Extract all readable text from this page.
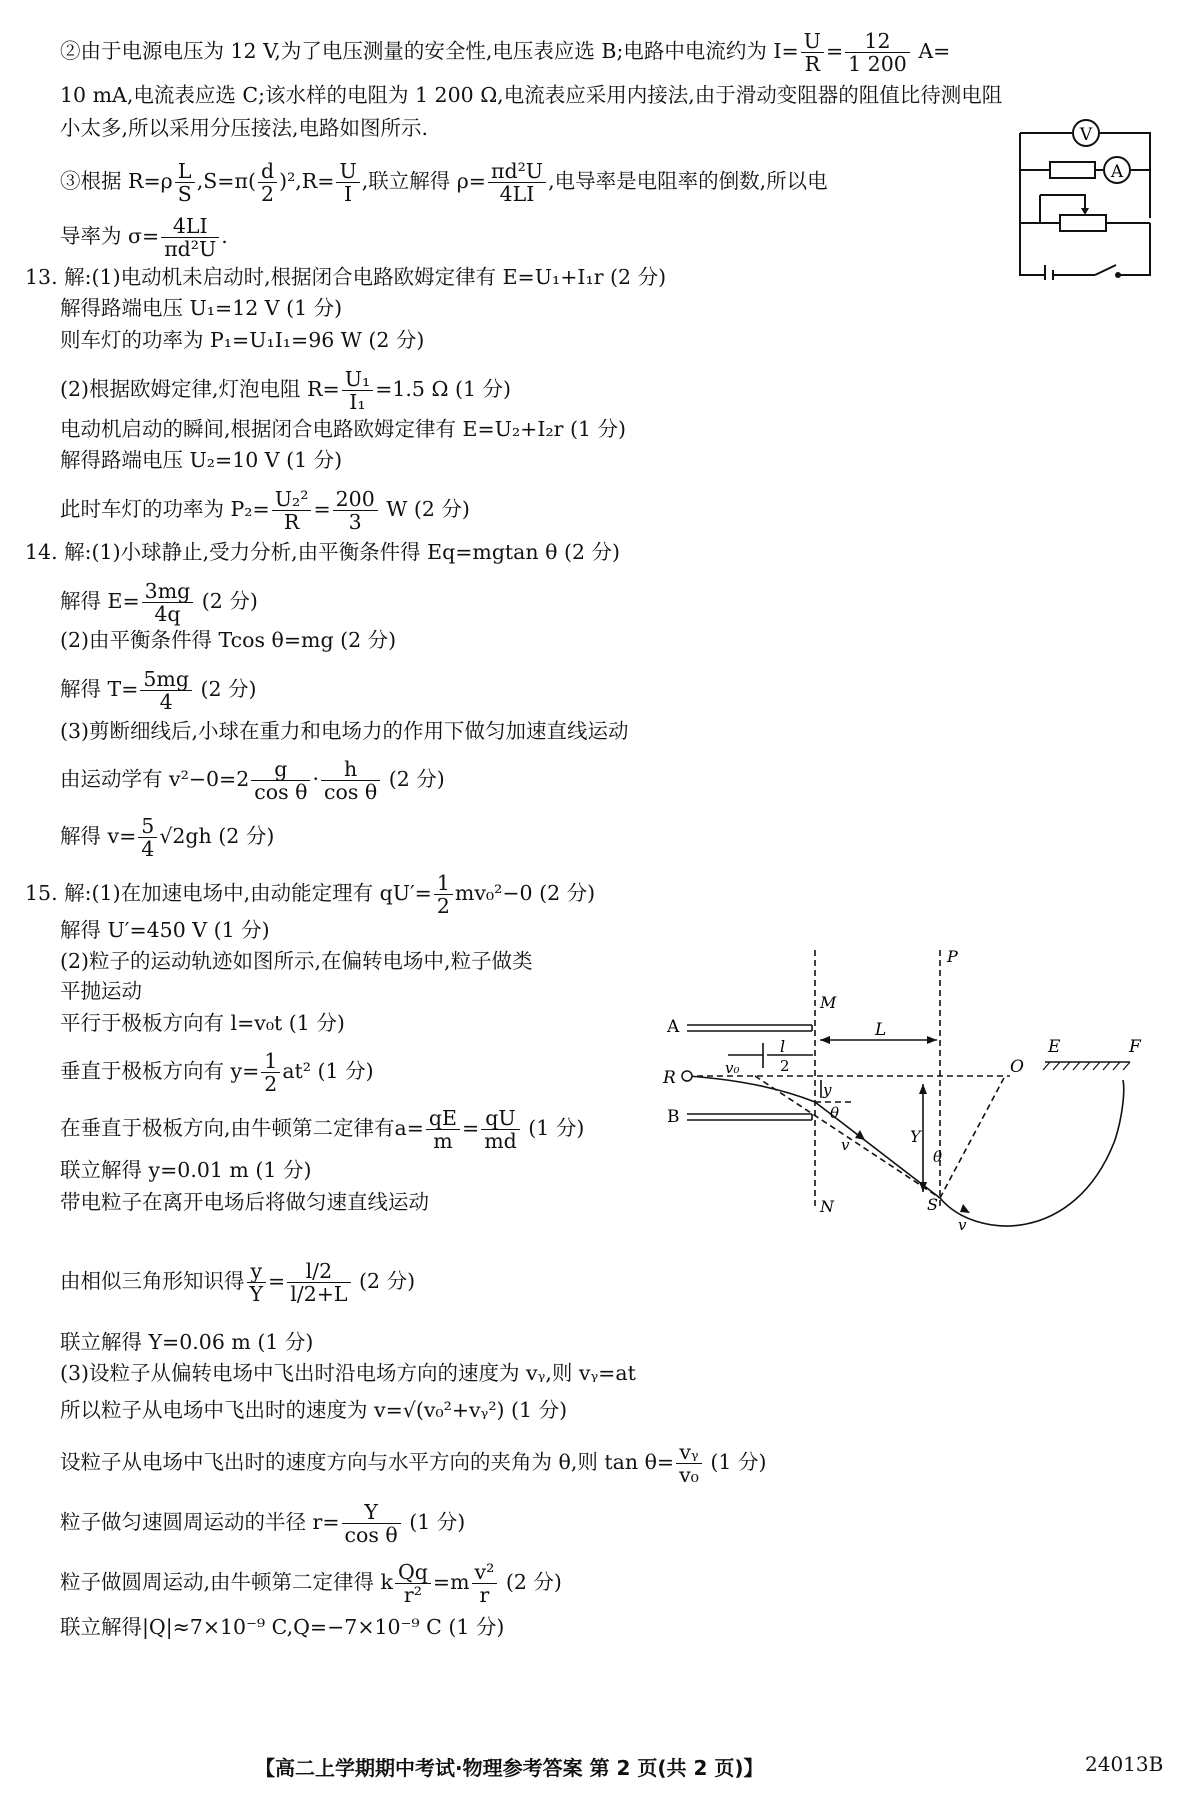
②由于电源电压为 12 V,为了电压测量的安全性,电压表应选 B;电路中电流约为 $I= \frac{U}{R} = \frac{12}{1 200} A=$
10 mA,电流表应选 C;该水样的电阻为 1 200 Ω,电流表应采用内接法,由于滑动变阻器的阻值比待测电阻
小太多,所以采用分压接法,电路如图所示.
③根据 $R=\rho \frac{L}{S} ,S=\pi( \frac{d}{2} )^2,R= \frac{U}{I}$ ,联立解得 $\rho= \frac{\text{πd²U}}{4LI}$ ,电导率是电阻率的倒数,所以电
导率为 $\sigma= \frac{4LI}{\text{πd²U}}$ .
V
A
13. 解:(1)电动机未启动时,根据闭合电路欧姆定律有 E=U₁+I₁r (2 分)
解得路端电压 U₁=12 V (1 分)
则车灯的功率为 P₁=U₁I₁=96 W (2 分)
(2)根据欧姆定律,灯泡电阻 $R= \frac{\text{U₁}}{\text{I₁}} =1.5$ Ω (1 分)
电动机启动的瞬间,根据闭合电路欧姆定律有 E=U₂+I₂r (1 分)
解得路端电压 U₂=10 V (1 分)
此时车灯的功率为 $P_2= \frac{\text{U₂²}}{R} = \frac{200}{3}$ W (2 分)
14. 解:(1)小球静止,受力分析,由平衡条件得 Eq=mgtan θ (2 分)
解得 $E= \frac{3mg}{4q} (2$ 分)
(2)由平衡条件得 Tcos θ=mg (2 分)
解得 $T= \frac{5mg}{4} (2$ 分)
(3)剪断细线后,小球在重力和电场力的作用下做匀加速直线运动
由运动学有 $v^2-0=2 \frac{g}{\text{cos θ}} \cdot \frac{h}{\text{cos θ}} (2$ 分)
解得 $v= \frac{5}{4} √2gh$ (2 分)
15. 解:(1)在加速电场中,由动能定理有 $qU'= \frac{1}{2} mv_0^2-0$ (2 分)
解得 U′=450 V (1 分)
(2)粒子的运动轨迹如图所示,在偏转电场中,粒子做类
平抛运动
平行于极板方向有 l=v₀t (1 分)
垂直于极板方向有 $y= \frac{1}{2} at^2$ (1 分)
在垂直于极板方向,由牛顿第二定律有$a= \frac{qE}{m} = \frac{qU}{md} (1$ 分)
联立解得 y=0.01 m (1 分)
带电粒子在离开电场后将做匀速直线运动
由相似三角形知识得 $\frac{y}{Y} = \frac{l/2}{l/2+L} (2$ 分)
联立解得 Y=0.06 m (1 分)
(3)设粒子从偏转电场中飞出时沿电场方向的速度为 vᵧ,则 vᵧ=at
所以粒子从电场中飞出时的速度为 v=√(v₀²+vᵧ²) (1 分)
设粒子从电场中飞出时的速度方向与水平方向的夹角为 θ,则 $\tan \theta= \frac{\text{vᵧ}}{\text{v₀}} (1$ 分)
粒子做匀速圆周运动的半径 $r= \frac{Y}{\text{cos θ}} (1$ 分)
粒子做圆周运动,由牛顿第二定律得 k $\frac{Qq}{\text{r²}} =m \frac{\text{v²}}{r} (2$ 分)
联立解得|Q|≈7×10⁻⁹ C,Q=−7×10⁻⁹ C (1 分)
A
B
R
M
N
P
O
E	F
S
L
l
2
v₀
y
Y
θ
θ
v
v
【高二上学期期中考试·物理参考答案 第 2 页(共 2 页)】	24013B
